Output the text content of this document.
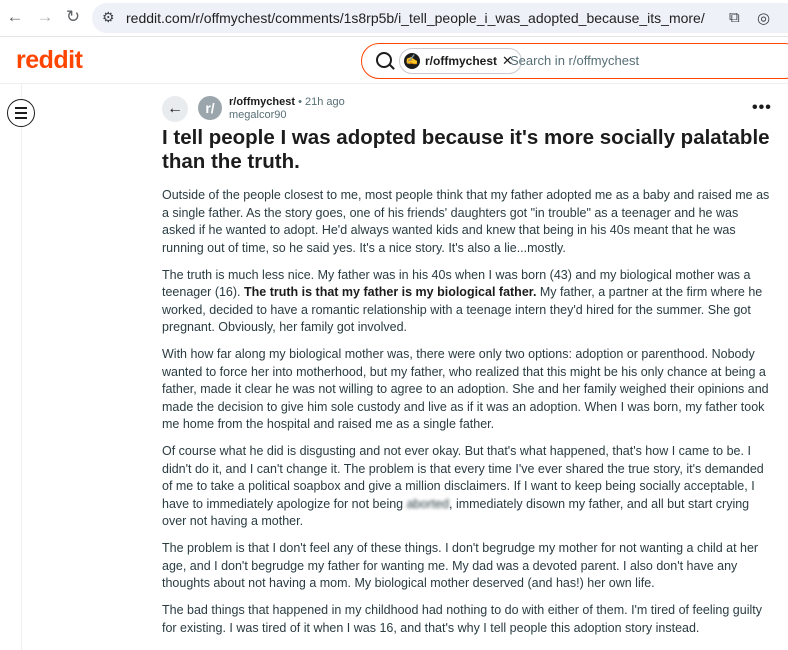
← → ↻ ⚙ reddit.com/r/offmychest/comments/1s8rp5b/i_tell_people_i_was_adopted_because_its_more/ ⧉ ◎
reddit	✍ r/offmychest ✕
Search in r/offmychest
←	r/	r/offmychest • 21h ago
megalcor90	•••
I tell people I was adopted because it's more socially palatable than the truth.

Outside of the people closest to me, most people think that my father adopted me as a baby and raised me as a single father. As the story goes, one of his friends' daughters got "in trouble" as a teenager and he was asked if he wanted to adopt. He'd always wanted kids and knew that being in his 40s meant that he was running out of time, so he said yes. It's a nice story. It's also a lie...mostly.

The truth is much less nice. My father was in his 40s when I was born (43) and my biological mother was a teenager (16). The truth is that my father is my biological father. My father, a partner at the firm where he worked, decided to have a romantic relationship with a teenage intern they'd hired for the summer. She got pregnant. Obviously, her family got involved.

With how far along my biological mother was, there were only two options: adoption or parenthood. Nobody wanted to force her into motherhood, but my father, who realized that this might be his only chance at being a father, made it clear he was not willing to agree to an adoption. She and her family weighed their opinions and made the decision to give him sole custody and live as if it was an adoption. When I was born, my father took me home from the hospital and raised me as a single father.

Of course what he did is disgusting and not ever okay. But that's what happened, that's how I came to be. I didn't do it, and I can't change it. The problem is that every time I've ever shared the true story, it's demanded of me to take a political soapbox and give a million disclaimers. If I want to keep being socially acceptable, I have to immediately apologize for not being aborted, immediately disown my father, and all but start crying over not having a mother.

The problem is that I don't feel any of these things. I don't begrudge my mother for not wanting a child at her age, and I don't begrudge my father for wanting me. My dad was a devoted parent. I also don't have any thoughts about not having a mom. My biological mother deserved (and has!) her own life.

The bad things that happened in my childhood had nothing to do with either of them. I'm tired of feeling guilty for existing. I was tired of it when I was 16, and that's why I tell people this adoption story instead.
